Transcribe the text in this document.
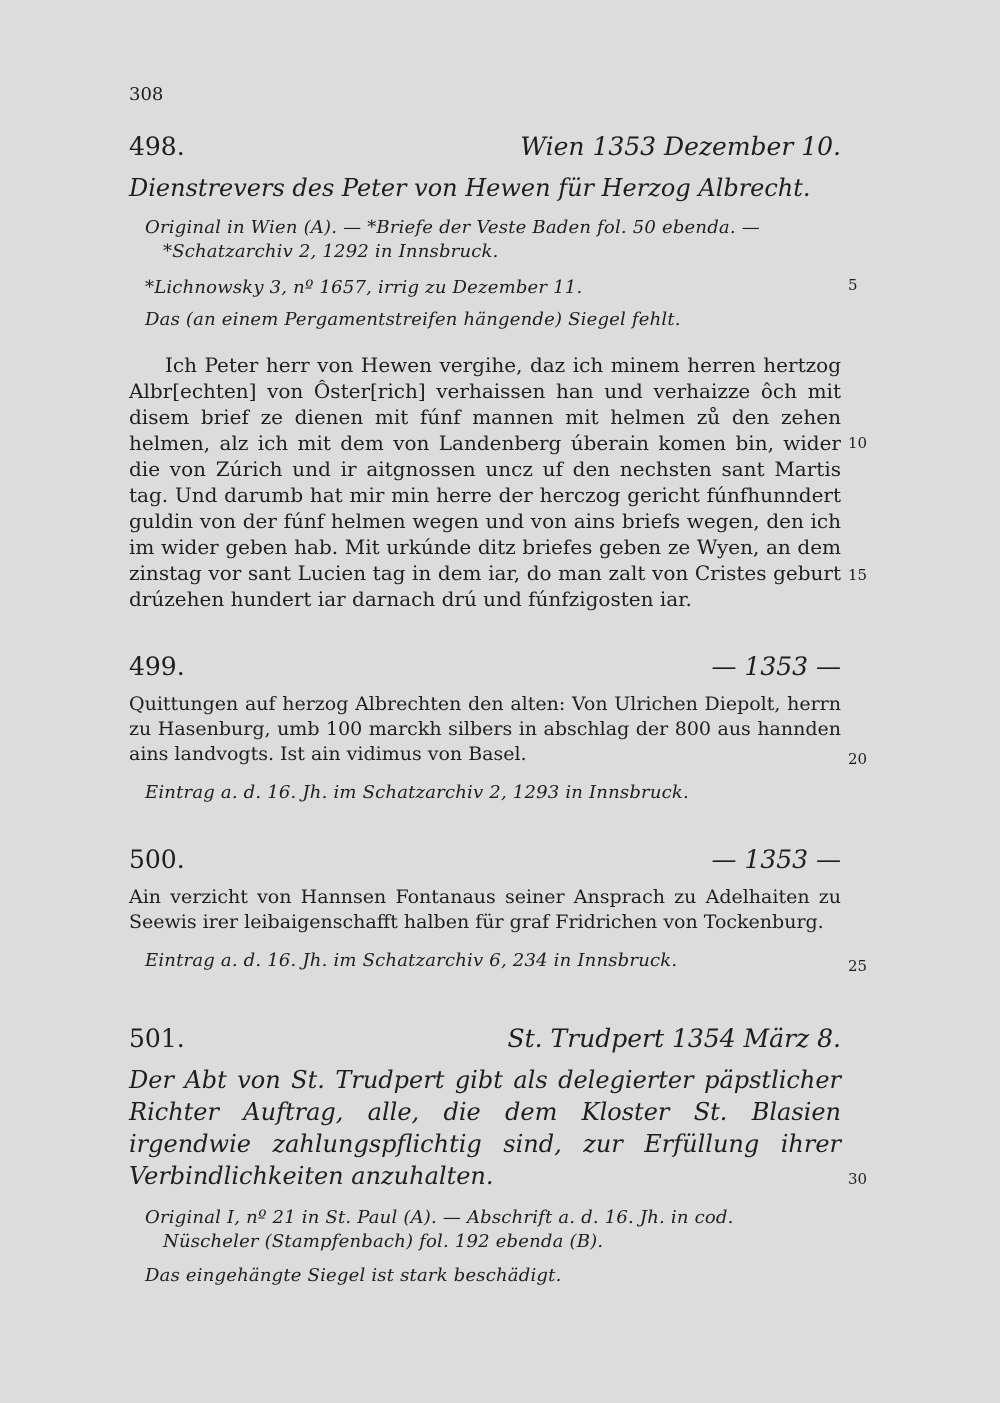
308
498.	Wien 1353 Dezember 10.
Dienstrevers des Peter von Hewen für Herzog Albrecht.
Original in Wien (A). — *Briefe der Veste Baden fol. 50 ebenda. —
*Schatzarchiv 2, 1292 in Innsbruck.
*Lichnowsky 3, nº 1657, irrig zu Dezember 11.
Das (an einem Pergamentstreifen hängende) Siegel fehlt.
Ich Peter herr von Hewen vergihe, daz ich minem herren hertzog Albr[echten] von Ôster[rich] verhaissen han und verhaizze ôch mit disem brief ze dienen mit fúnf mannen mit helmen zů den zehen helmen, alz ich mit dem von Landenberg úberain komen bin, wider die von Zúrich und ir aitgnossen uncz uf den nechsten sant Martis tag. Und darumb hat mir min herre der herczog gericht fúnfhunndert guldin von der fúnf helmen wegen und von ains briefs wegen, den ich im wider geben hab. Mit urkúnde ditz briefes geben ze Wyen, an dem zinstag vor sant Lucien tag in dem iar, do man zalt von Cristes geburt drúzehen hundert iar darnach drú und fúnfzigosten iar.
499.	— 1353 —
Quittungen auf herzog Albrechten den alten: Von Ulrichen Diepolt, herrn zu Hasenburg, umb 100 marckh silbers in abschlag der 800 aus hannden ains landvogts. Ist ain vidimus von Basel.
Eintrag a. d. 16. Jh. im Schatzarchiv 2, 1293 in Innsbruck.
500.	— 1353 —
Ain verzicht von Hannsen Fontanaus seiner Ansprach zu Adelhaiten zu Seewis irer leibaigenschafft halben für graf Fridrichen von Tockenburg.
Eintrag a. d. 16. Jh. im Schatzarchiv 6, 234 in Innsbruck.
501.	St. Trudpert 1354 März 8.
Der Abt von St. Trudpert gibt als delegierter päpstlicher Richter Auftrag, alle, die dem Kloster St. Blasien irgendwie zahlungspflichtig sind, zur Erfüllung ihrer Verbindlichkeiten anzuhalten.
Original I, nº 21 in St. Paul (A). — Abschrift a. d. 16. Jh. in cod.
Nüscheler (Stampfenbach) fol. 192 ebenda (B).
Das eingehängte Siegel ist stark beschädigt.
5
10
15
20
25
30
